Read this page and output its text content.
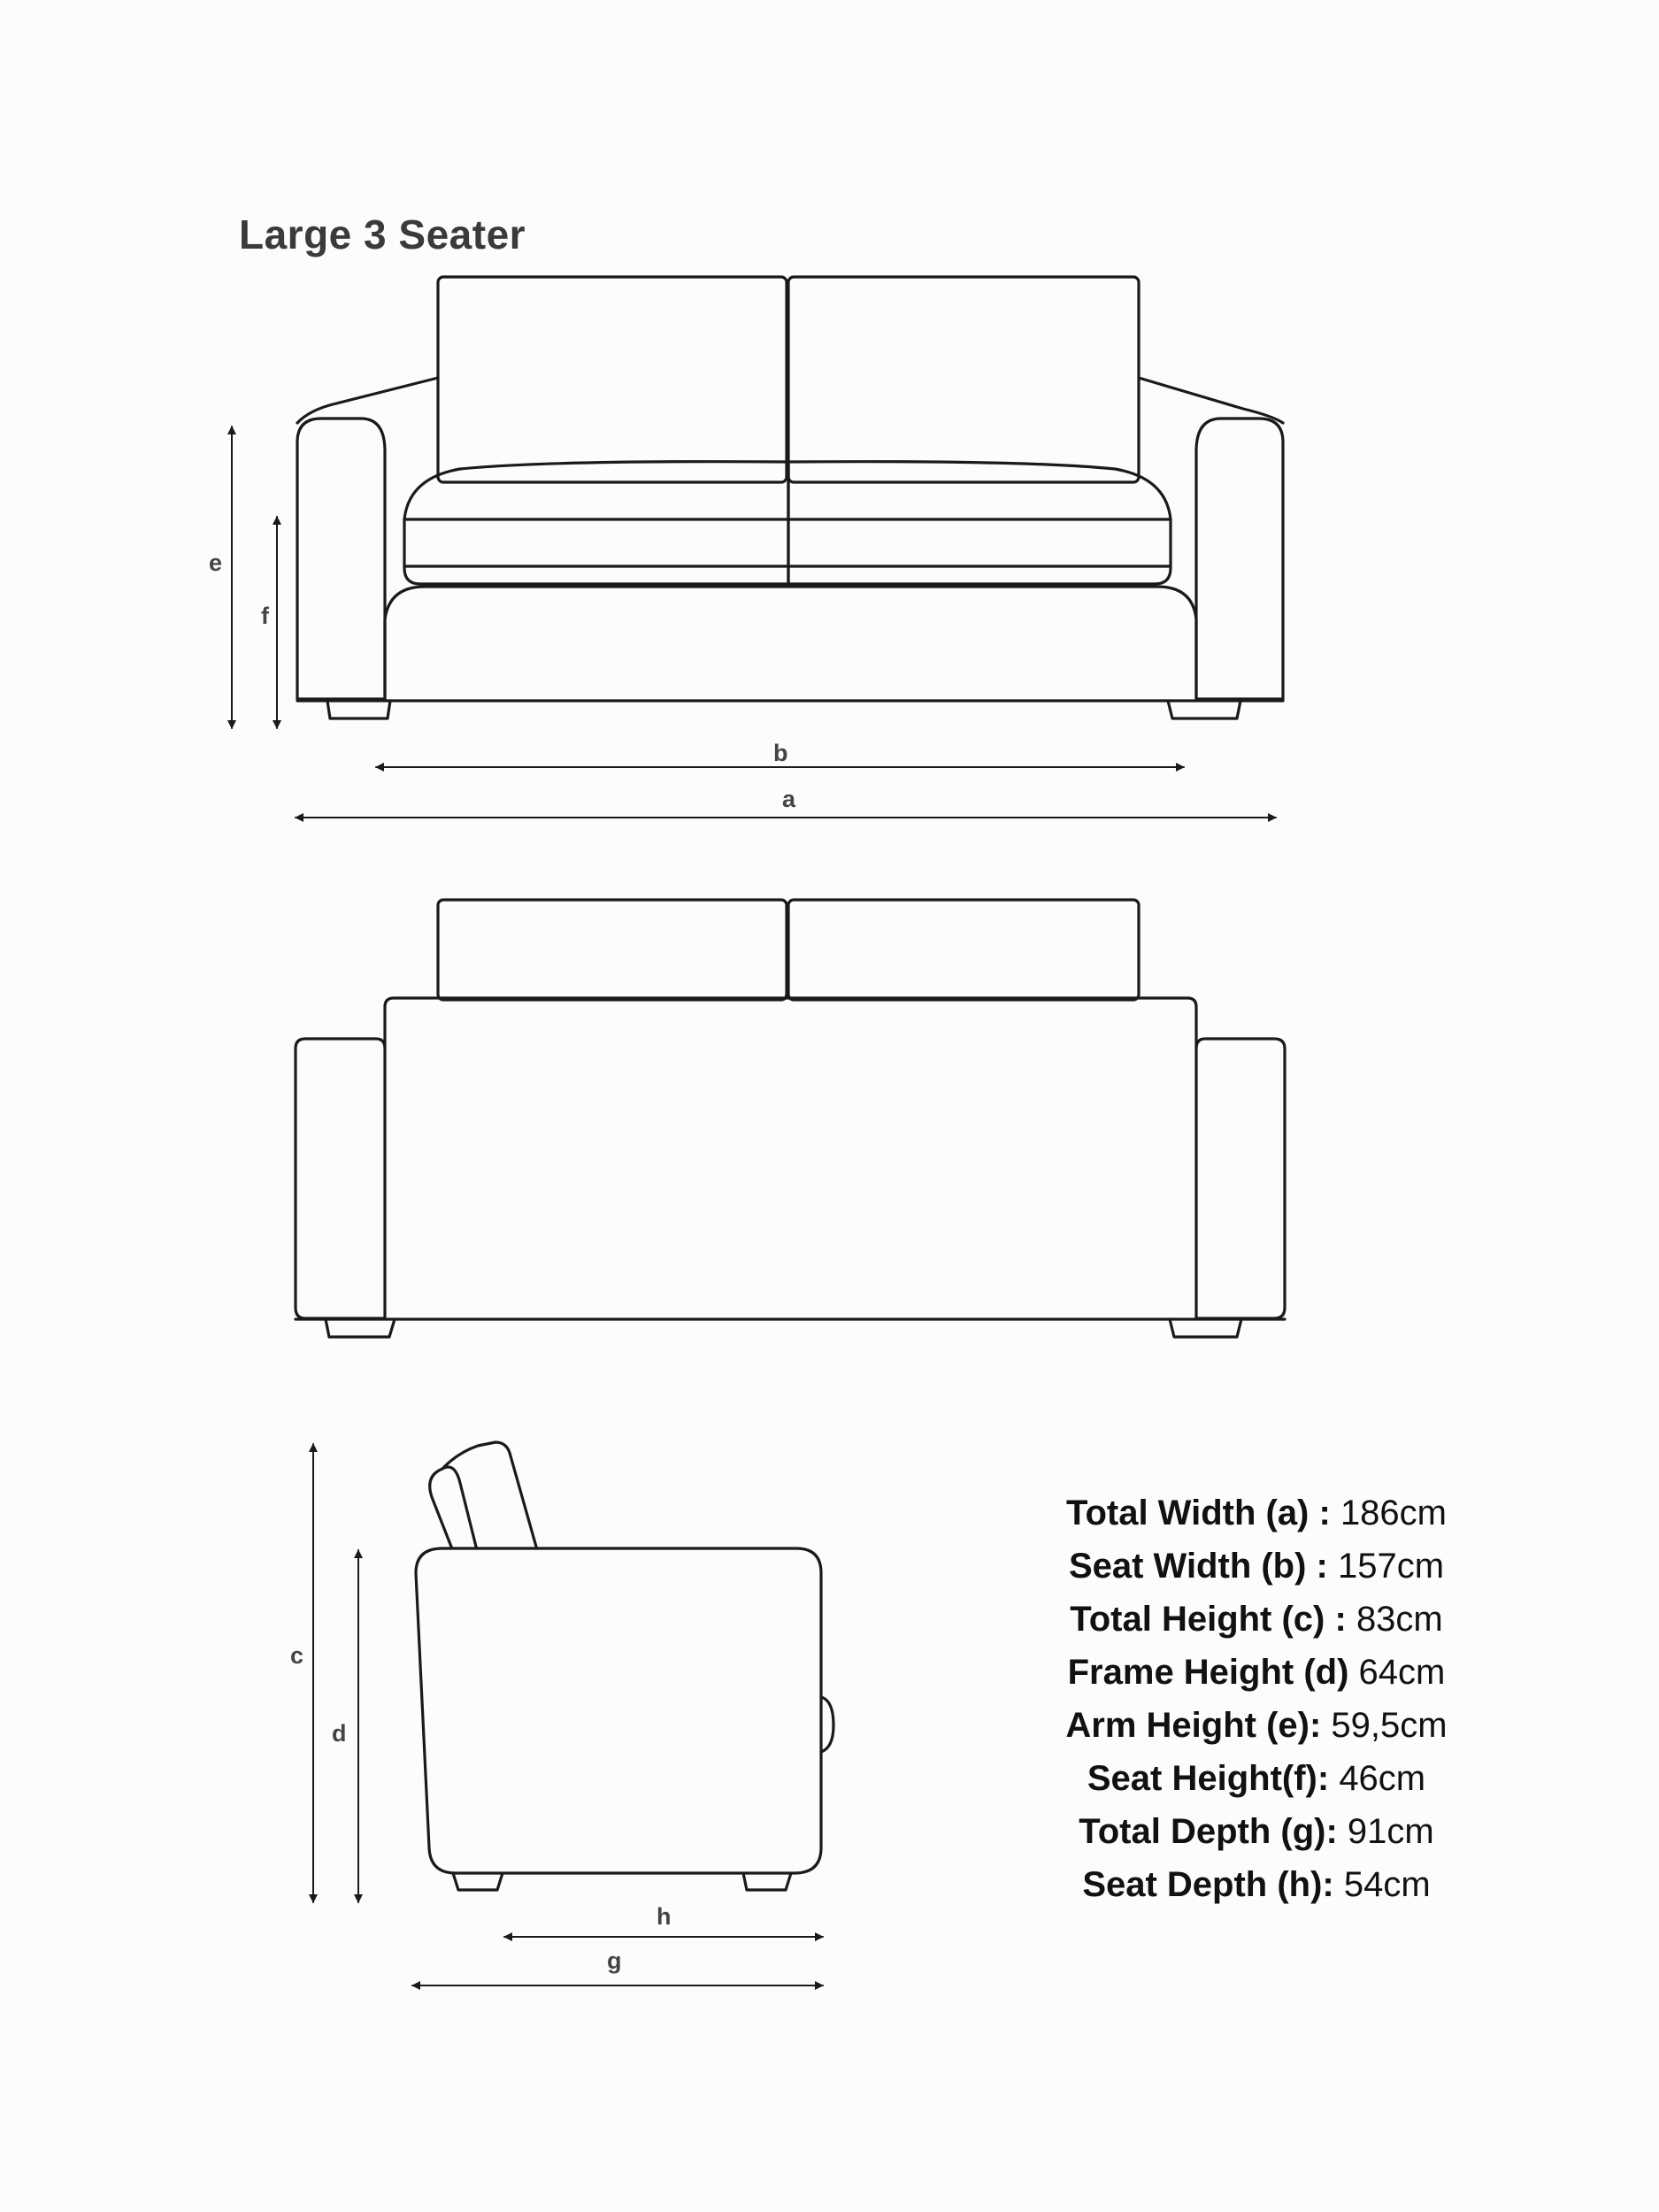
Large 3 Seater
e
f
b
a
c
d
h
g
Total Width (a) : 186cm
Seat Width (b) : 157cm
Total Height (c) : 83cm
Frame Height (d) 64cm
Arm Height (e): 59,5cm
Seat Height(f): 46cm
Total Depth (g): 91cm
Seat Depth (h): 54cm
